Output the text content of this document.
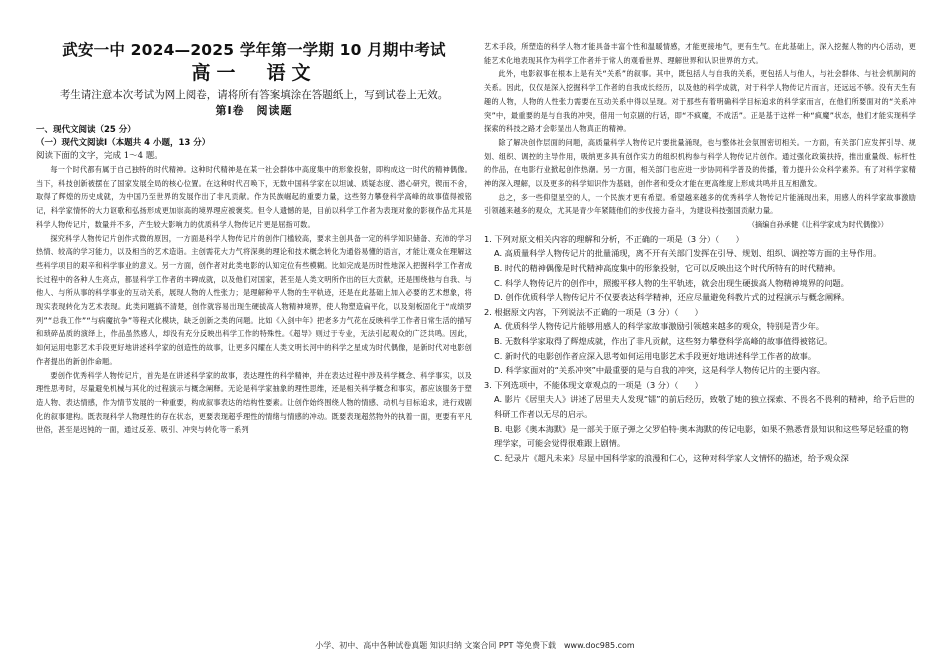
武安一中 2024—2025 学年第一学期 10 月期中考试
高一　语文
考生请注意本次考试为网上阅卷，请将所有答案填涂在答题纸上，写到试卷上无效。
第Ⅰ卷　阅读题
一、现代文阅读（25 分）
（一）现代文阅读Ⅰ（本题共 4 小题，13 分）
阅读下面的文字，完成 1～4 题。
每一个时代都有属于自己独特的时代精神。这种时代精神是在某一社会群体中高度集中的形象投射，即构成这一时代的精神偶像。当下，科技创新被摆在了国家发展全局的核心位置。在这种时代召唤下，无数中国科学家在以坦诚、质疑态度、潜心研究，锲而不舍，取得了辉煌的历史成就，为中国乃至世界的发展作出了非凡贡献。作为民族崛起的重要力量，这些努力攀登科学高峰的故事值得被铭记，科学家情怀的大力讴歌和弘扬形成更加崇高的境界理应被褒奖。但令人遗憾的是，目前以科学工作者为表现对象的影视作品尤其是科学人物传记片，数量并不多，产生较大影响力的优质科学人物传记片更是屈指可数。
探究科学人物传记片创作式微的原因，一方面是科学人物传记片的创作门槛较高，要求主创具备一定的科学知识储备、充沛的学习热情、较高的学习能力，以及相当的艺术造诣。主创需花大力气将深奥的理论和技术概念转化为通俗易懂的语言，才能让观众在理解这些科学项目的艰辛和科学事业的意义。另一方面，创作者对此类电影的认知定位有些模糊。比如完成是历时性地深入把握科学工作者成长过程中的各种人生亮点，都显科学工作者的丰碑成就，以及他们对国家，甚至是人类文明所作出的巨大贡献，还是围绕他与自我、与他人、与所从事的科学事业的互动关系，展现人物的人性张力；是理解种平人物的生平轨迹，还是在此基础上加入必要的艺术想象，将现实表现转化为艺术表现。此类问题搞不清楚，创作就容易出现生硬拔高人物精神境界，使人物塑造扁平化，以及刻板固化于“成绩罗列”“总我工作”“与病魔抗争”等程式化模块，缺乏创新之类的问题。比如《入剑中年》把老多力气花在反映科学工作者日常生活的描写和琐碎品质的演绎上，作品虽然感人，却没有充分反映出科学工作的特殊性。《超导》则过于专业，无法引起观众的广泛共鸣。因此，如何运用电影艺术手段更好地讲述科学家的创造性的故事，让更多闪耀在人类文明长河中的科学之星成为时代偶像，是新时代对电影创作者提出的新创作命题。
要创作优秀科学人物传记片，首先是在讲述科学家的故事，表达理性的科学精神，并在表达过程中涉及科学概念、科学事实，以及理性思考时，尽量避免机械与其化的过程演示与概念阐释。无论是科学家抽象的理性思维，还是相关科学概念和事实，都应该服务于塑造人物、表达情感，作为情节发展的一种重要，构成叙事表达的结构性要素。让创作始终围绕人物的情感、动机与目标追求，进行戏剧化的叙事建构。既表现科学人物理性的存在状态，更要表现超乎理性的情绪与情感的冲动。既要表现超然物外的执着一面，更要有平凡世俗，甚至是迟钝的一面，通过反差、吸引、冲突与转化等一系列
艺术手段，所塑造的科学人物才能具备丰富个性和温暖情感，才能更接地气，更有生气。在此基础上，深入挖掘人物的内心活动，更能艺术化地表现其作为科学工作者并于常人的观看世界、理解世界和认识世界的方式。
此外，电影叙事在根本上是有关“关系”的叙事。其中，既包括人与自我的关系，更包括人与他人，与社会群体、与社会机制间的关系。因此，仅仅是深入挖掘科学工作者的自我成长经历，以及他的科学成就，对于科学人物传记片而言，还远远不够。没有天生有趣的人物，人物的人性张力需要在互动关系中得以呈现。对于那些有着明确科学目标追求的科学家而言，在他们所要面对的“关系冲突”中，最重要的是与自我的冲突，借用一句京剧的行话，即“不疯魔，不成活”。正是基于这样一种“疯魔”状态，他们才能实现科学探索的科技之路才会彰显出人物真正的精神。
除了解决创作层面的问题，高质量科学人物传记片要批量涌现，也与整体社会氛围密切相关。一方面，有关部门应发挥引导、规划、组织、调控的主导作用，吸纳更多具有创作实力的组织机构参与科学人物传记片创作。通过强化政策扶持，推出重量级、标杆性的作品，在电影行业掀起创作热潮。另一方面，相关部门也应进一步协同科学普及的传播，着力提升公众科学素养。有了对科学家精神的深入理解，以及更多的科学知识作为基础，创作者和受众才能在更高维度上形成共鸣并且互相激发。
总之，多一些仰望星空的人，一个民族才更有希望。希望越来越多的优秀科学人物传记片能涌现出来，用感人的科学家故事激励引领越来越多的观众，尤其是青少年紧随他们的步伐接力奋斗，为建设科技强国贡献力量。
（摘编自孙承健《让科学家成为时代偶像》）
1. 下列对原文相关内容的理解和分析，不正确的一项是（3 分）（　　）
A. 高质量科学人物传记片的批量涌现，离不开有关部门发挥在引导、规划、组织、调控等方面的主导作用。
B. 时代的精神偶像是时代精神高度集中的形象投射，它可以反映出这个时代所特有的时代精神。
C. 科学人物传记片的创作中，照搬平移人物的生平轨迹，就会出现生硬拔高人物精神境界的问题。
D. 创作优质科学人物传记片不仅要表达科学精神，还应尽量避免科教片式的过程演示与概念阐释。
2. 根据原文内容，下列说法不正确的一项是（3 分）（　　）
A. 优质科学人物传记片能够用感人的科学家故事激励引领越来越多的观众，特别是青少年。
B. 无数科学家取得了辉煌成就，作出了非凡贡献，这些努力攀登科学高峰的故事值得被铭记。
C. 新时代的电影创作者应深入思考如何运用电影艺术手段更好地讲述科学工作者的故事。
D. 科学家面对的“关系冲突”中最重要的是与自我的冲突，这是科学人物传记片的主要内容。
3. 下列选项中，不能体现文章观点的一项是（3 分）（　　）
A. 影片《居里夫人》讲述了居里夫人发现“镭”的前后经历，致敬了她的独立探索、不畏名不畏利的精神，给予后世的科研工作者以无尽的启示。
B. 电影《奥本海默》是一部关于原子弹之父罗伯特·奥本海默的传记电影，如果不熟悉背景知识和这些琴足轻重的物理学家，可能会觉得很难跟上剧情。
C. 纪录片《超凡未来》尽显中国科学家的浪漫和仁心，这种对科学家人文情怀的描述，给予观众深
小学、初中、高中各种试卷真题 知识归纳 文案合同 PPT 等免费下载　www.doc985.com
